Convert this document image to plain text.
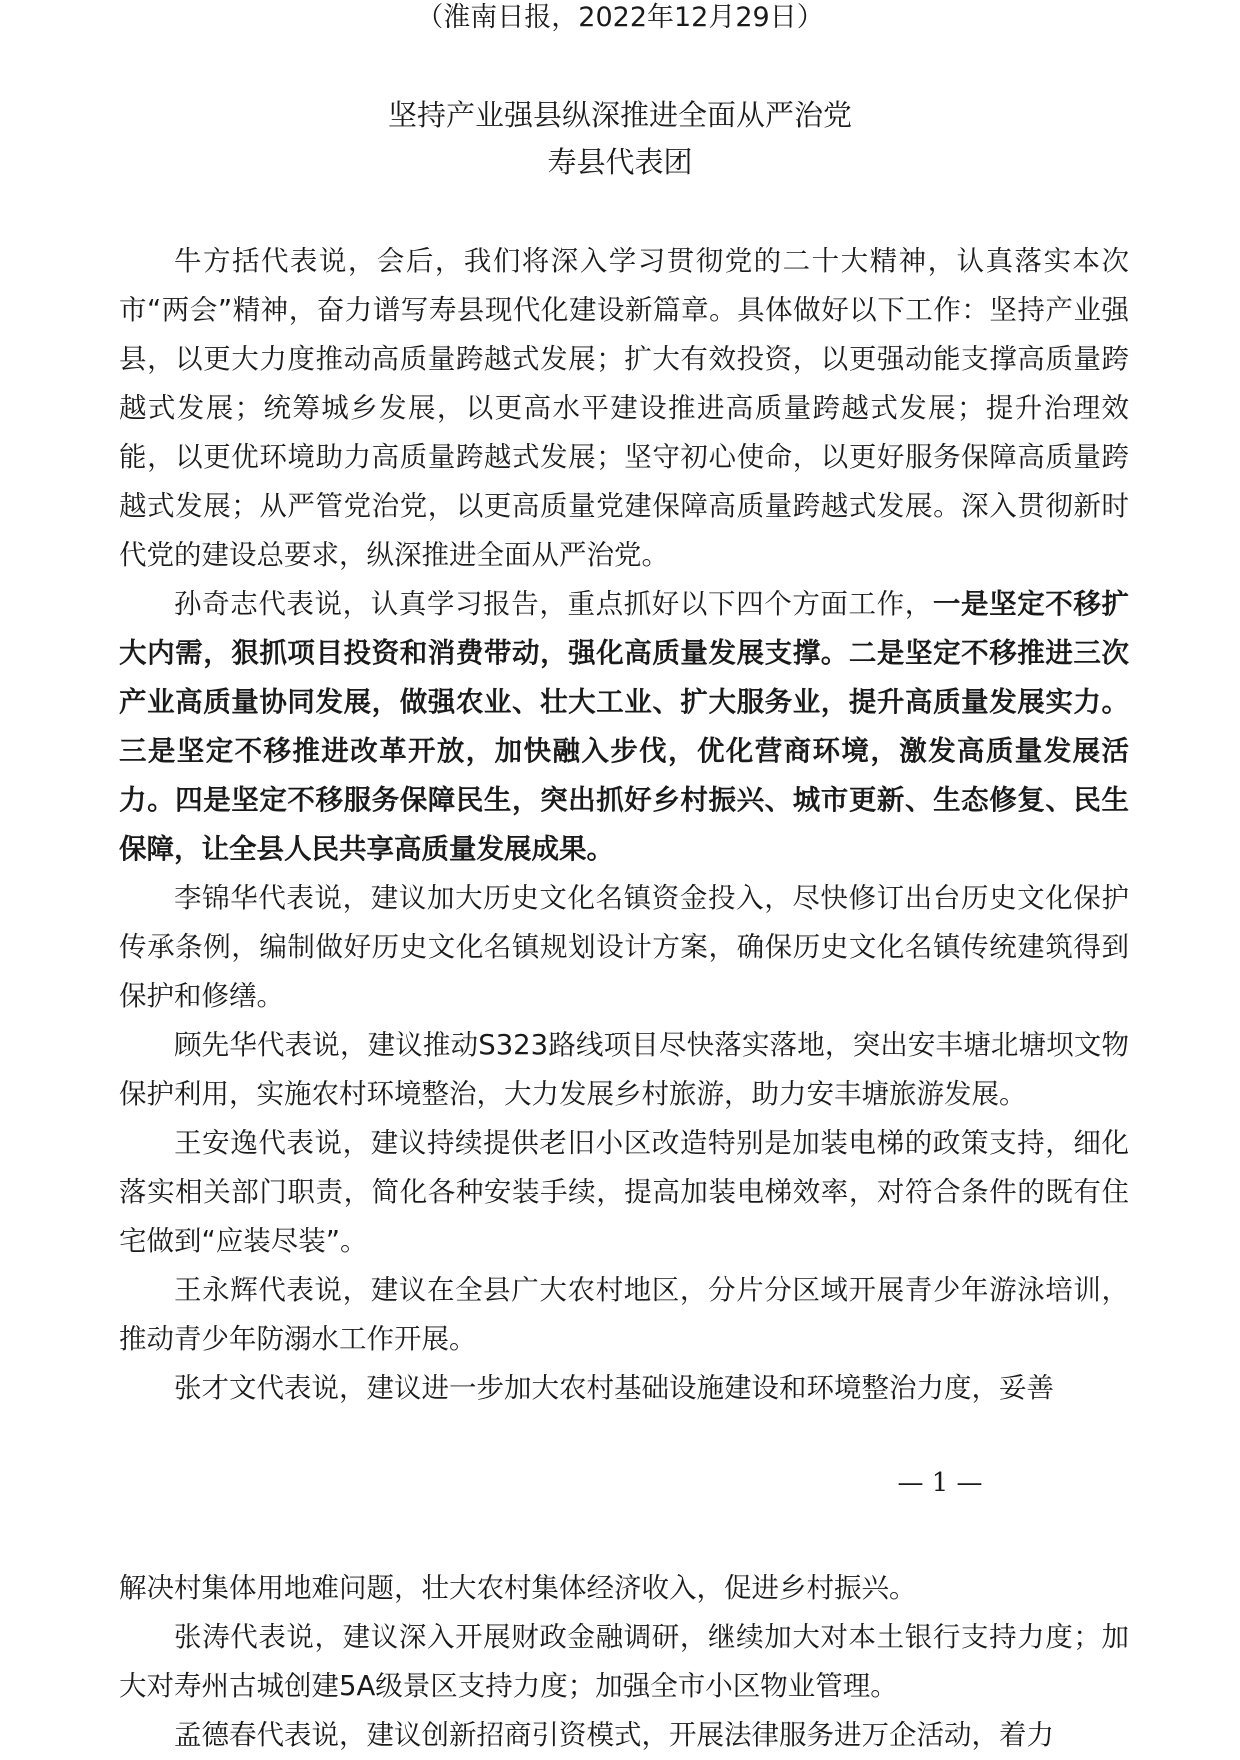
（淮南日报，2022年12月29日）
坚持产业强县纵深推进全面从严治党
寿县代表团

牛方括代表说，会后，我们将深入学习贯彻党的二十大精神，认真落实本次市“两会”精神，奋力谱写寿县现代化建设新篇章。具体做好以下工作：坚持产业强县，以更大力度推动高质量跨越式发展；扩大有效投资，以更强动能支撑高质量跨越式发展；统筹城乡发展，以更高水平建设推进高质量跨越式发展；提升治理效能，以更优环境助力高质量跨越式发展；坚守初心使命，以更好服务保障高质量跨越式发展；从严管党治党，以更高质量党建保障高质量跨越式发展。深入贯彻新时代党的建设总要求，纵深推进全面从严治党。

孙奇志代表说，认真学习报告，重点抓好以下四个方面工作，一是坚定不移扩大内需，狠抓项目投资和消费带动，强化高质量发展支撑。二是坚定不移推进三次产业高质量协同发展，做强农业、壮大工业、扩大服务业，提升高质量发展实力。三是坚定不移推进改革开放，加快融入步伐，优化营商环境，激发高质量发展活力。四是坚定不移服务保障民生，突出抓好乡村振兴、城市更新、生态修复、民生保障，让全县人民共享高质量发展成果。

李锦华代表说，建议加大历史文化名镇资金投入，尽快修订出台历史文化保护传承条例，编制做好历史文化名镇规划设计方案，确保历史文化名镇传统建筑得到保护和修缮。

顾先华代表说，建议推动S323路线项目尽快落实落地，突出安丰塘北塘坝文物保护利用，实施农村环境整治，大力发展乡村旅游，助力安丰塘旅游发展。

王安逸代表说，建议持续提供老旧小区改造特别是加装电梯的政策支持，细化落实相关部门职责，简化各种安装手续，提高加装电梯效率，对符合条件的既有住宅做到“应装尽装”。

王永辉代表说，建议在全县广大农村地区，分片分区域开展青少年游泳培训，推动青少年防溺水工作开展。

张才文代表说，建议进一步加大农村基础设施建设和环境整治力度，妥善

— 1 —

解决村集体用地难问题，壮大农村集体经济收入，促进乡村振兴。

张涛代表说，建议深入开展财政金融调研，继续加大对本土银行支持力度；加大对寿州古城创建5A级景区支持力度；加强全市小区物业管理。

孟德春代表说，建议创新招商引资模式，开展法律服务进万企活动，着力
